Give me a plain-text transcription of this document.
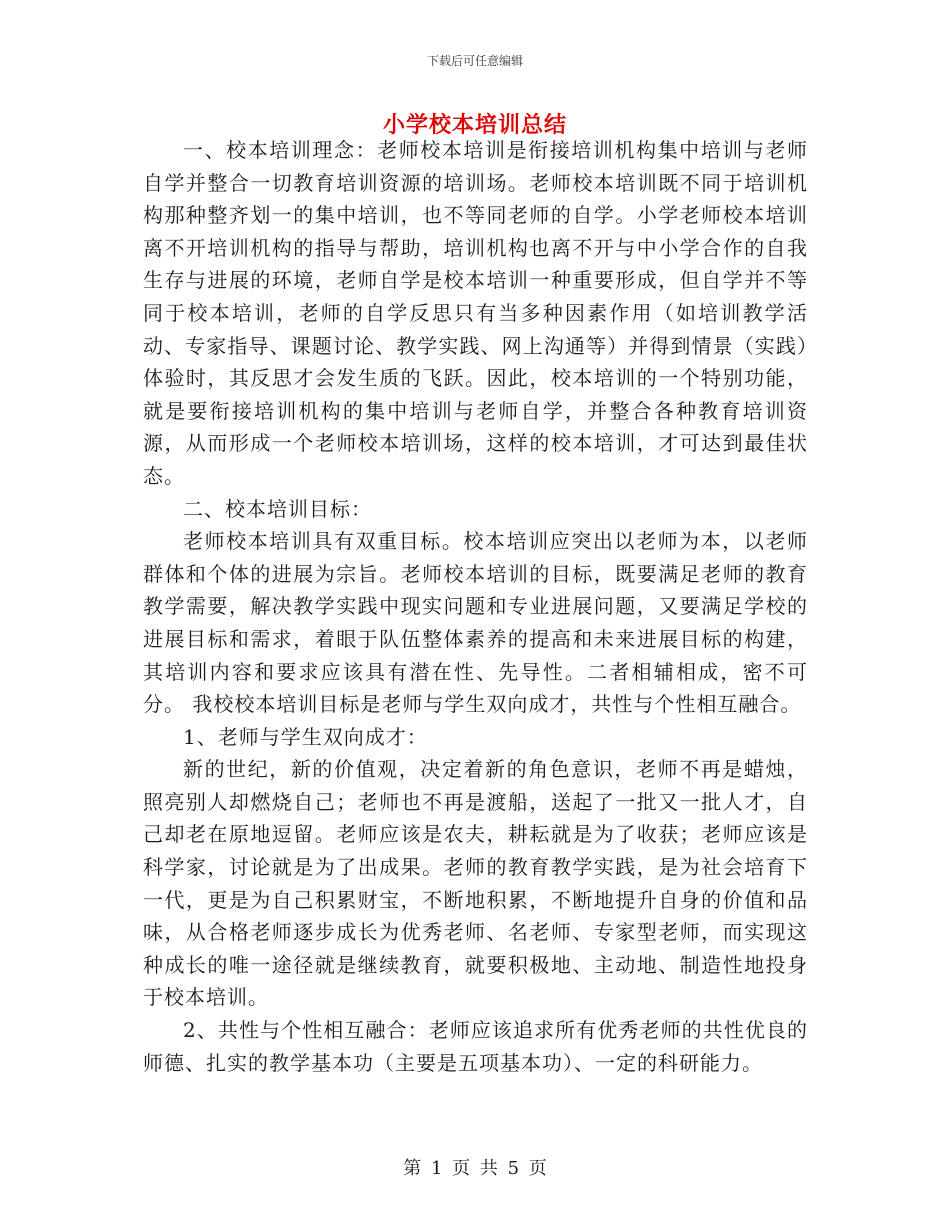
下载后可任意编辑
小学校本培训总结

一、校本培训理念：老师校本培训是衔接培训机构集中培训与老师自学并整合一切教育培训资源的培训场。老师校本培训既不同于培训机构那种整齐划一的集中培训，也不等同老师的自学。小学老师校本培训离不开培训机构的指导与帮助，培训机构也离不开与中小学合作的自我生存与进展的环境，老师自学是校本培训一种重要形成，但自学并不等同于校本培训，老师的自学反思只有当多种因素作用（如培训教学活动、专家指导、课题讨论、教学实践、网上沟通等）并得到情景（实践）体验时，其反思才会发生质的飞跃。因此，校本培训的一个特别功能，就是要衔接培训机构的集中培训与老师自学，并整合各种教育培训资源，从而形成一个老师校本培训场，这样的校本培训，才可达到最佳状态。

二、校本培训目标：

老师校本培训具有双重目标。校本培训应突出以老师为本，以老师群体和个体的进展为宗旨。老师校本培训的目标，既要满足老师的教育教学需要，解决教学实践中现实问题和专业进展问题，又要满足学校的进展目标和需求，着眼于队伍整体素养的提高和未来进展目标的构建，其培训内容和要求应该具有潜在性、先导性。二者相辅相成，密不可分。 我校校本培训目标是老师与学生双向成才，共性与个性相互融合。

1、老师与学生双向成才：

新的世纪，新的价值观，决定着新的角色意识，老师不再是蜡烛，照亮别人却燃烧自己；老师也不再是渡船，送起了一批又一批人才，自己却老在原地逗留。老师应该是农夫，耕耘就是为了收获；老师应该是科学家，讨论就是为了出成果。老师的教育教学实践，是为社会培育下一代，更是为自己积累财宝，不断地积累，不断地提升自身的价值和品味，从合格老师逐步成长为优秀老师、名老师、专家型老师，而实现这种成长的唯一途径就是继续教育，就要积极地、主动地、制造性地投身于校本培训。

2、共性与个性相互融合：老师应该追求所有优秀老师的共性优良的师德、扎实的教学基本功（主要是五项基本功）、一定的科研能力。

第 1 页 共 5 页
